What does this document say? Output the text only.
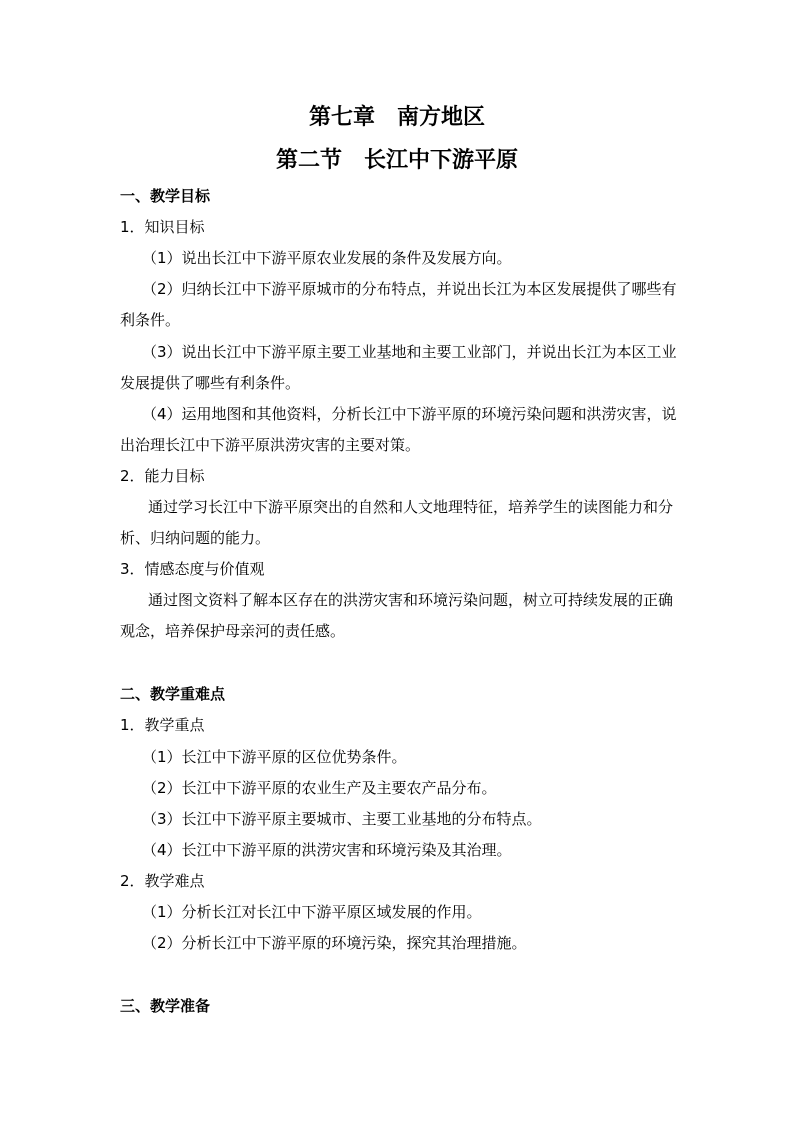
第七章　南方地区
第二节　长江中下游平原
一、教学目标
1．知识目标
（1）说出长江中下游平原农业发展的条件及发展方向。
（2）归纳长江中下游平原城市的分布特点，并说出长江为本区发展提供了哪些有利条件。
（3）说出长江中下游平原主要工业基地和主要工业部门，并说出长江为本区工业发展提供了哪些有利条件。
（4）运用地图和其他资料，分析长江中下游平原的环境污染问题和洪涝灾害，说出治理长江中下游平原洪涝灾害的主要对策。
2．能力目标
通过学习长江中下游平原突出的自然和人文地理特征，培养学生的读图能力和分析、归纳问题的能力。
3．情感态度与价值观
通过图文资料了解本区存在的洪涝灾害和环境污染问题，树立可持续发展的正确观念，培养保护母亲河的责任感。
二、教学重难点
1．教学重点
（1）长江中下游平原的区位优势条件。
（2）长江中下游平原的农业生产及主要农产品分布。
（3）长江中下游平原主要城市、主要工业基地的分布特点。
（4）长江中下游平原的洪涝灾害和环境污染及其治理。
2．教学难点
（1）分析长江对长江中下游平原区域发展的作用。
（2）分析长江中下游平原的环境污染，探究其治理措施。
三、教学准备
